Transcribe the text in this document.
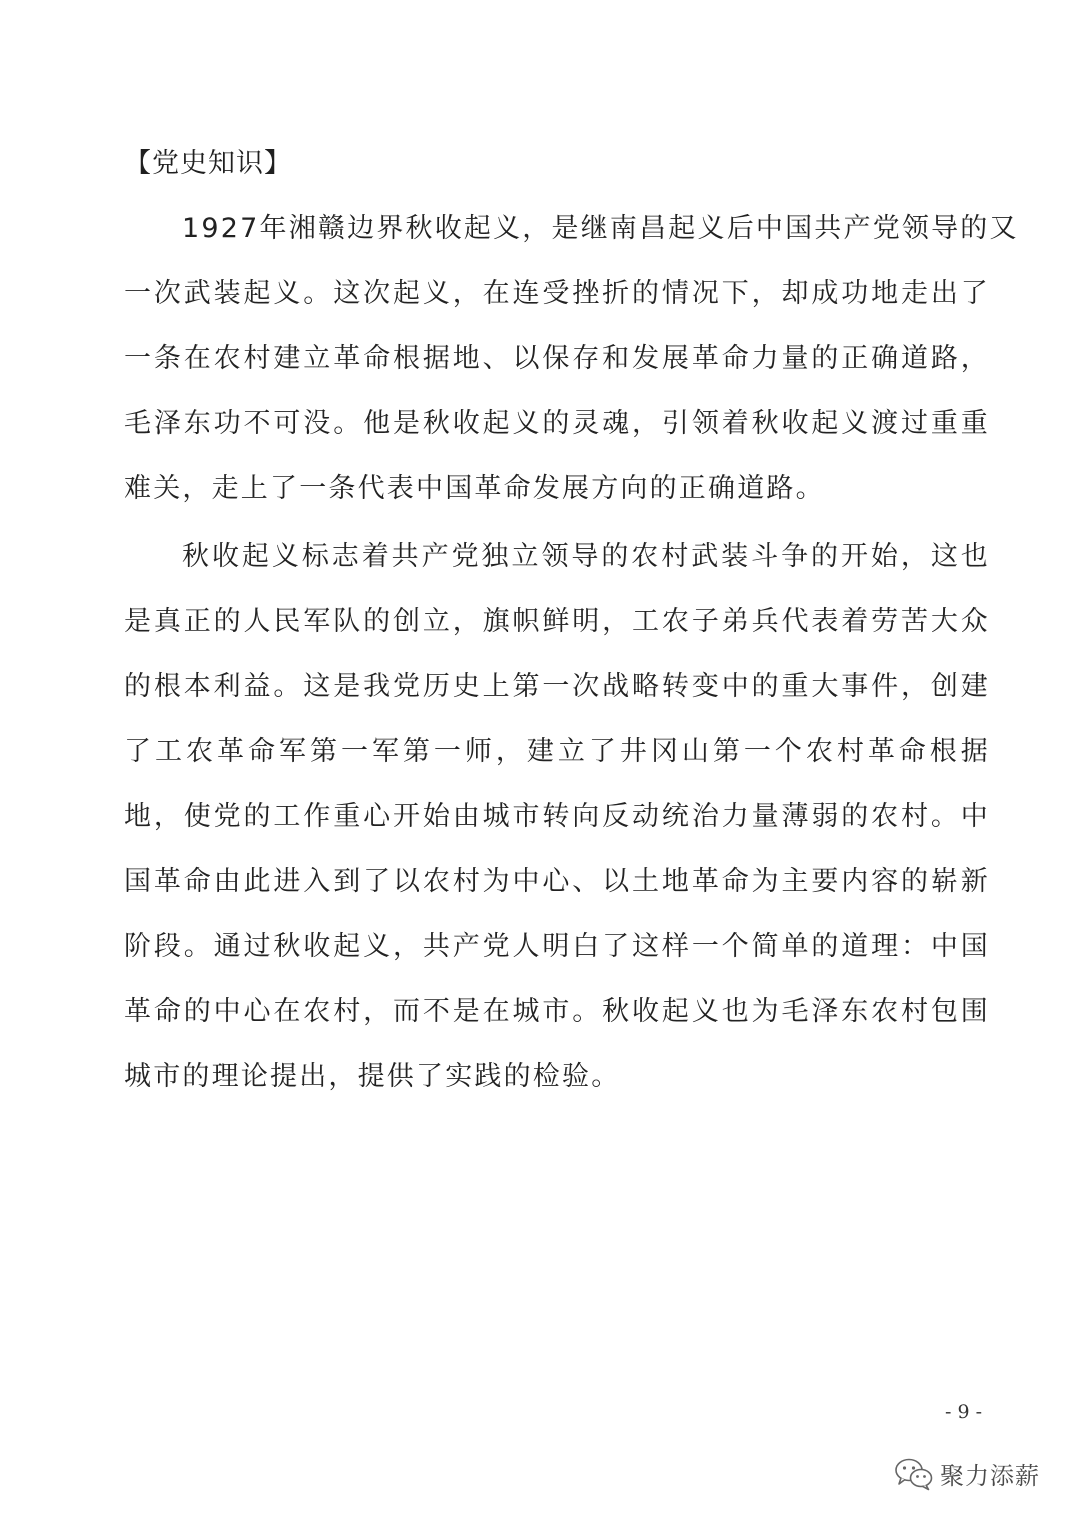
【党史知识】
1927年湘赣边界秋收起义，是继南昌起义后中国共产党领导的又
一次武装起义。这次起义，在连受挫折的情况下，却成功地走出了
一条在农村建立革命根据地、以保存和发展革命力量的正确道路，
毛泽东功不可没。他是秋收起义的灵魂，引领着秋收起义渡过重重
难关，走上了一条代表中国革命发展方向的正确道路。
秋收起义标志着共产党独立领导的农村武装斗争的开始，这也
是真正的人民军队的创立，旗帜鲜明，工农子弟兵代表着劳苦大众
的根本利益。这是我党历史上第一次战略转变中的重大事件，创建
了工农革命军第一军第一师，建立了井冈山第一个农村革命根据
地，使党的工作重心开始由城市转向反动统治力量薄弱的农村。中
国革命由此进入到了以农村为中心、以土地革命为主要内容的崭新
阶段。通过秋收起义，共产党人明白了这样一个简单的道理：中国
革命的中心在农村，而不是在城市。秋收起义也为毛泽东农村包围
城市的理论提出，提供了实践的检验。
- 9 -
聚力添薪
